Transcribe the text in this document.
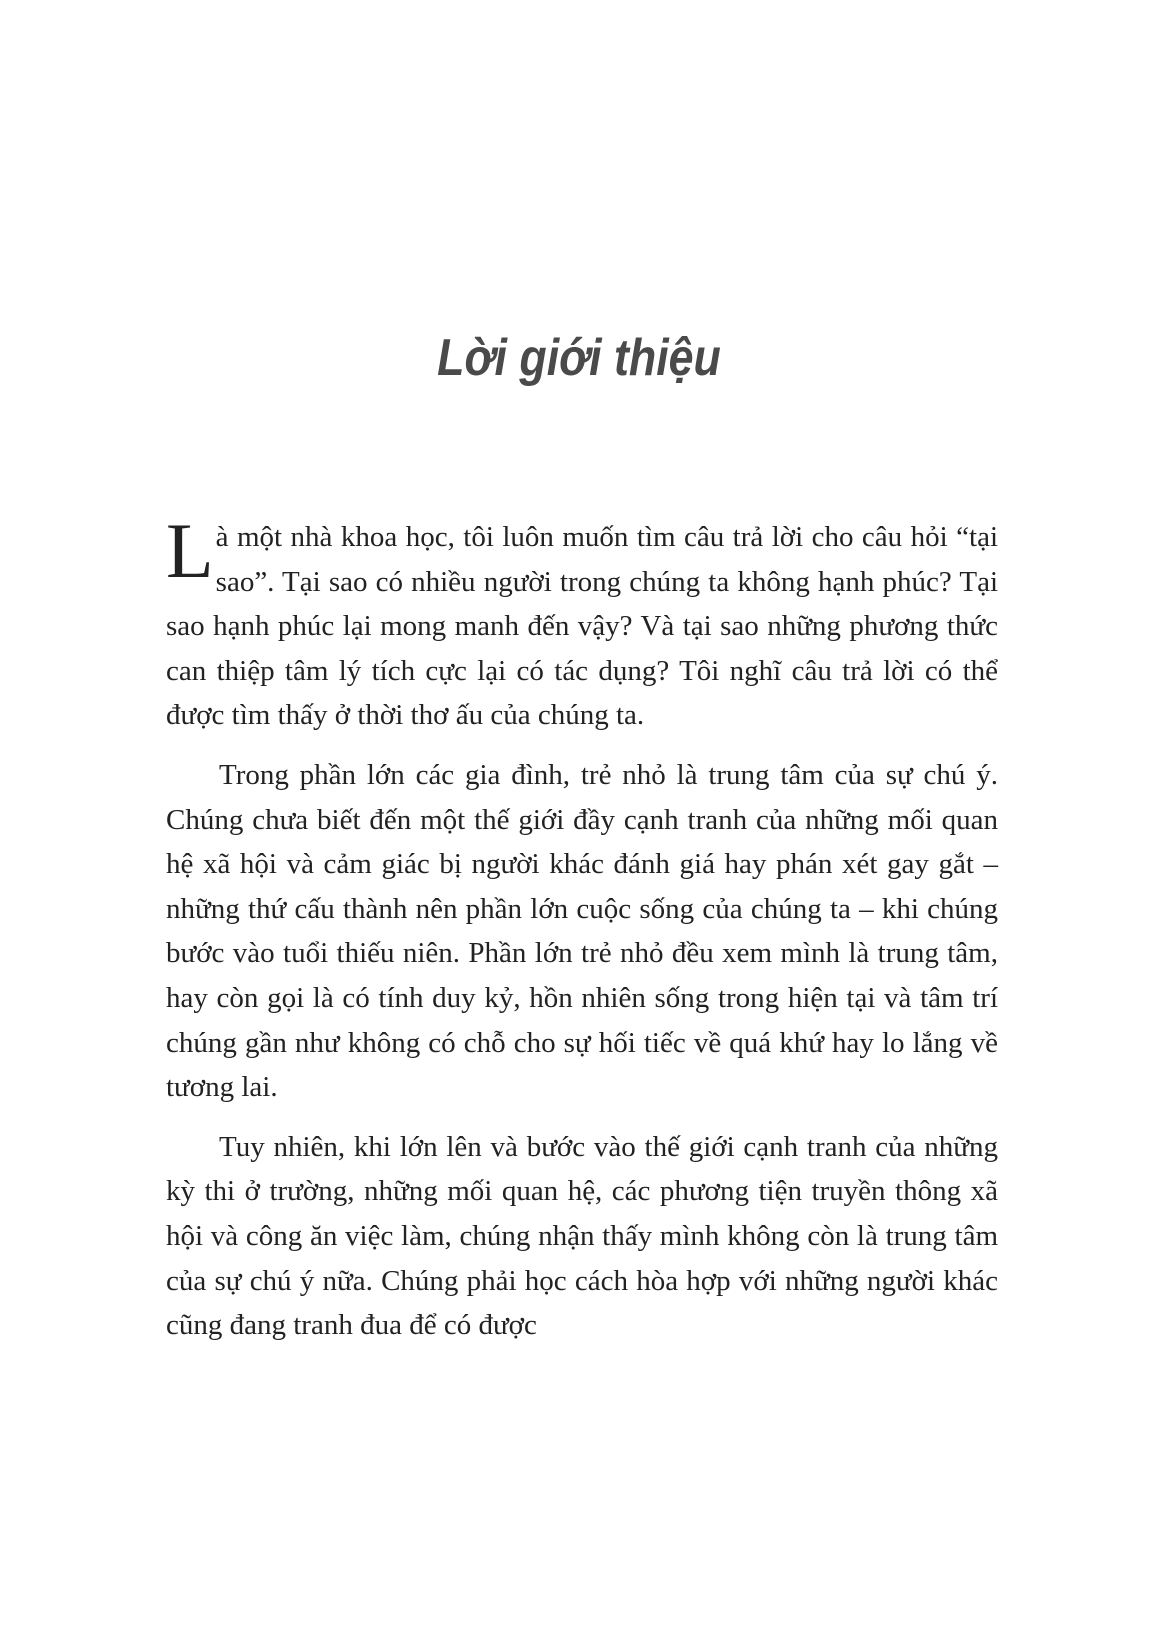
Lời giới thiệu

Là một nhà khoa học, tôi luôn muốn tìm câu trả lời cho câu hỏi “tại sao”. Tại sao có nhiều người trong chúng ta không hạnh phúc? Tại sao hạnh phúc lại mong manh đến vậy? Và tại sao những phương thức can thiệp tâm lý tích cực lại có tác dụng? Tôi nghĩ câu trả lời có thể được tìm thấy ở thời thơ ấu của chúng ta.

Trong phần lớn các gia đình, trẻ nhỏ là trung tâm của sự chú ý. Chúng chưa biết đến một thế giới đầy cạnh tranh của những mối quan hệ xã hội và cảm giác bị người khác đánh giá hay phán xét gay gắt – những thứ cấu thành nên phần lớn cuộc sống của chúng ta – khi chúng bước vào tuổi thiếu niên. Phần lớn trẻ nhỏ đều xem mình là trung tâm, hay còn gọi là có tính duy kỷ, hồn nhiên sống trong hiện tại và tâm trí chúng gần như không có chỗ cho sự hối tiếc về quá khứ hay lo lắng về tương lai.

Tuy nhiên, khi lớn lên và bước vào thế giới cạnh tranh của những kỳ thi ở trường, những mối quan hệ, các phương tiện truyền thông xã hội và công ăn việc làm, chúng nhận thấy mình không còn là trung tâm của sự chú ý nữa. Chúng phải học cách hòa hợp với những người khác cũng đang tranh đua để có được
